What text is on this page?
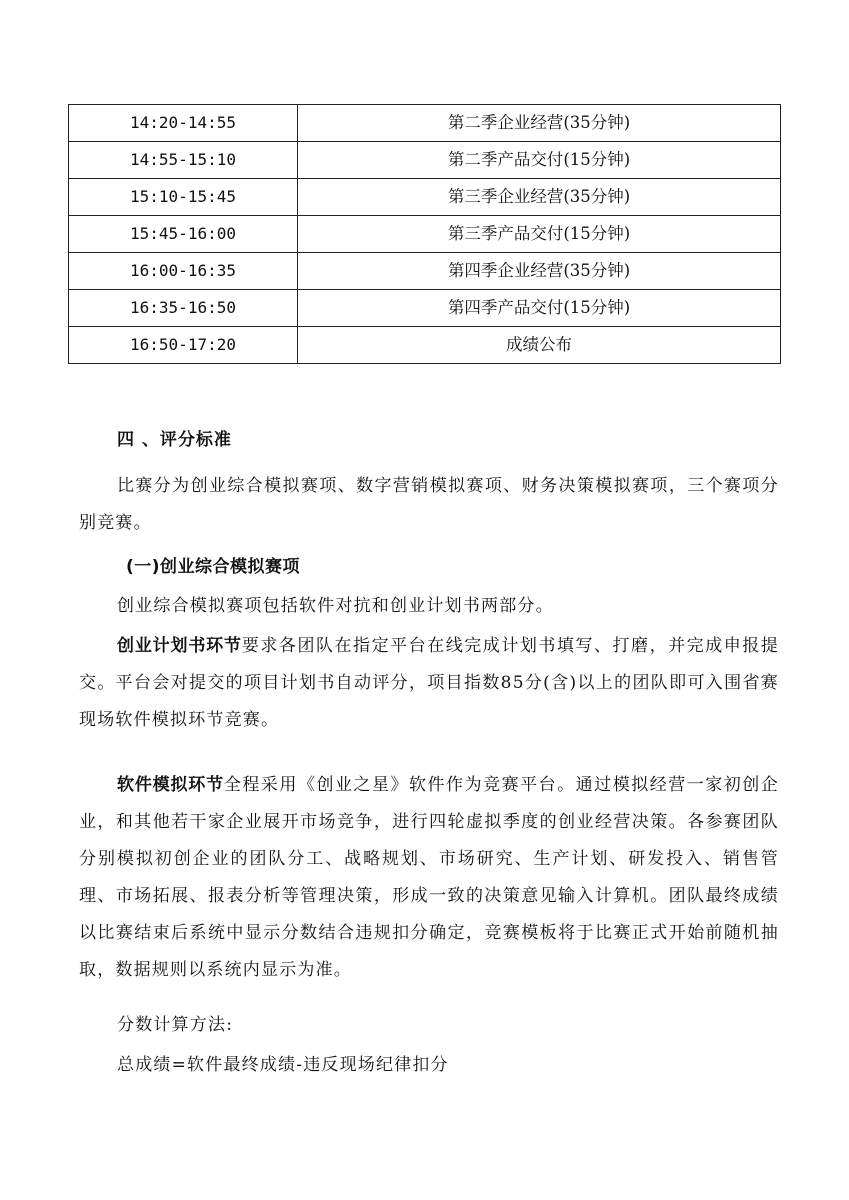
14:20-14:55	第二季企业经营(35分钟)
14:55-15:10	第二季产品交付(15分钟)
15:10-15:45	第三季企业经营(35分钟)
15:45-16:00	第三季产品交付(15分钟)
16:00-16:35	第四季企业经营(35分钟)
16:35-16:50	第四季产品交付(15分钟)
16:50-17:20	成绩公布
四 、评分标准
比赛分为创业综合模拟赛项、数字营销模拟赛项、财务决策模拟赛项，三个赛项分别竞赛。
(一)创业综合模拟赛项
创业综合模拟赛项包括软件对抗和创业计划书两部分。
创业计划书环节要求各团队在指定平台在线完成计划书填写、打磨，并完成申报提交。平台会对提交的项目计划书自动评分，项目指数85分(含)以上的团队即可入围省赛现场软件模拟环节竞赛。
软件模拟环节全程采用《创业之星》软件作为竞赛平台。通过模拟经营一家初创企业，和其他若干家企业展开市场竞争，进行四轮虚拟季度的创业经营决策。各参赛团队分别模拟初创企业的团队分工、战略规划、市场研究、生产计划、研发投入、销售管理、市场拓展、报表分析等管理决策，形成一致的决策意见输入计算机。团队最终成绩以比赛结束后系统中显示分数结合违规扣分确定，竞赛模板将于比赛正式开始前随机抽取，数据规则以系统内显示为准。
分数计算方法:
总成绩=软件最终成绩-违反现场纪律扣分
